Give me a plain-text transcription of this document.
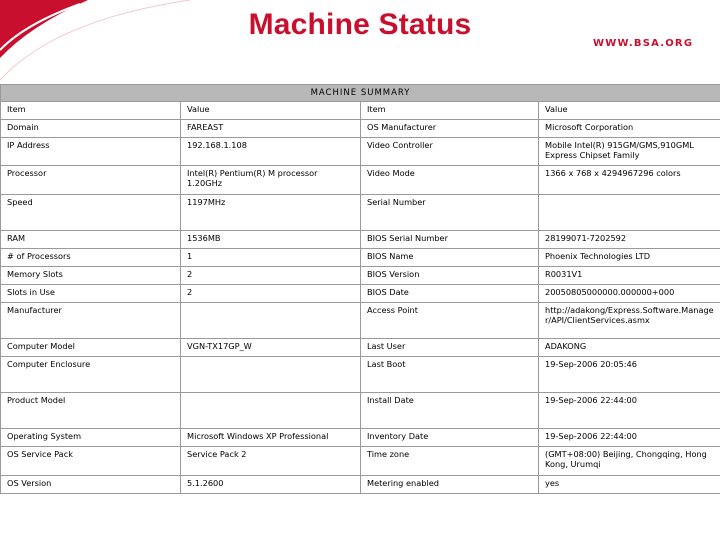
Machine Status
WWW.BSA.ORG
MACHINE SUMMARY			
Item	Value	Item	Value
Domain	FAREAST	OS Manufacturer	Microsoft Corporation
IP Address	192.168.1.108	Video Controller	Mobile Intel(R) 915GM/GMS,910GML Express Chipset Family
Processor	Intel(R) Pentium(R) M processor 1.20GHz	Video Mode	1366 x 768 x 4294967296 colors
Speed	1197MHz	Serial Number	
RAM	1536MB	BIOS Serial Number	28199071-7202592
# of Processors	1	BIOS Name	Phoenix Technologies LTD
Memory Slots	2	BIOS Version	R0031V1
Slots in Use	2	BIOS Date	20050805000000.000000+000
Manufacturer		Access Point	http://adakong/Express.Software.Manager/API/ClientServices.asmx
Computer Model	VGN-TX17GP_W	Last User	ADAKONG
Computer Enclosure		Last Boot	19-Sep-2006 20:05:46
Product Model		Install Date	19-Sep-2006 22:44:00
Operating System	Microsoft Windows XP Professional	Inventory Date	19-Sep-2006 22:44:00
OS Service Pack	Service Pack 2	Time zone	(GMT+08:00) Beijing, Chongqing, Hong Kong, Urumqi
OS Version	5.1.2600	Metering enabled	yes
